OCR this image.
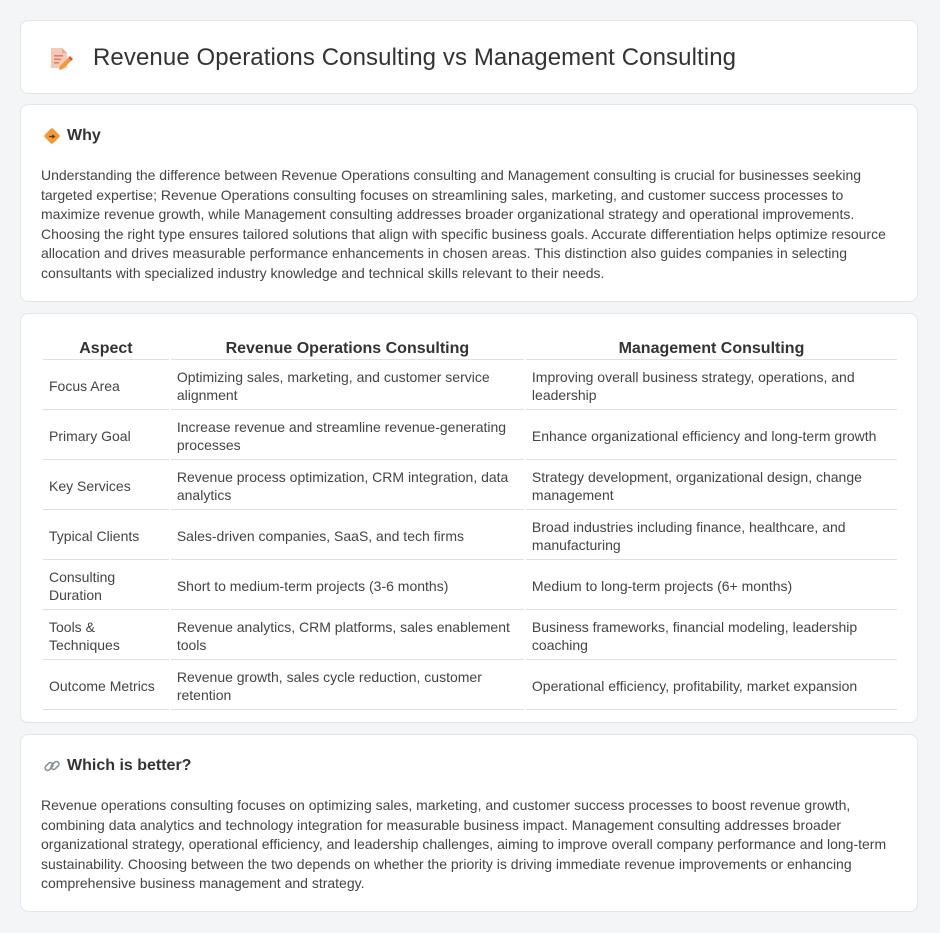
Revenue Operations Consulting vs Management Consulting
Why

Understanding the difference between Revenue Operations consulting and Management consulting is crucial for businesses seeking targeted expertise; Revenue Operations consulting focuses on streamlining sales, marketing, and customer success processes to maximize revenue growth, while Management consulting addresses broader organizational strategy and operational improvements. Choosing the right type ensures tailored solutions that align with specific business goals. Accurate differentiation helps optimize resource allocation and drives measurable performance enhancements in chosen areas. This distinction also guides companies in selecting consultants with specialized industry knowledge and technical skills relevant to their needs.

Aspect	Revenue Operations Consulting	Management Consulting
Focus Area	Optimizing sales, marketing, and customer service alignment	Improving overall business strategy, operations, and leadership
Primary Goal	Increase revenue and streamline revenue-generating processes	Enhance organizational efficiency and long-term growth
Key Services	Revenue process optimization, CRM integration, data analytics	Strategy development, organizational design, change management
Typical Clients	Sales-driven companies, SaaS, and tech firms	Broad industries including finance, healthcare, and manufacturing
Consulting Duration	Short to medium-term projects (3-6 months)	Medium to long-term projects (6+ months)
Tools & Techniques	Revenue analytics, CRM platforms, sales enablement tools	Business frameworks, financial modeling, leadership coaching
Outcome Metrics	Revenue growth, sales cycle reduction, customer retention	Operational efficiency, profitability, market expansion
Which is better?

Revenue operations consulting focuses on optimizing sales, marketing, and customer success processes to boost revenue growth, combining data analytics and technology integration for measurable business impact. Management consulting addresses broader organizational strategy, operational efficiency, and leadership challenges, aiming to improve overall company performance and long-term sustainability. Choosing between the two depends on whether the priority is driving immediate revenue improvements or enhancing comprehensive business management and strategy.
